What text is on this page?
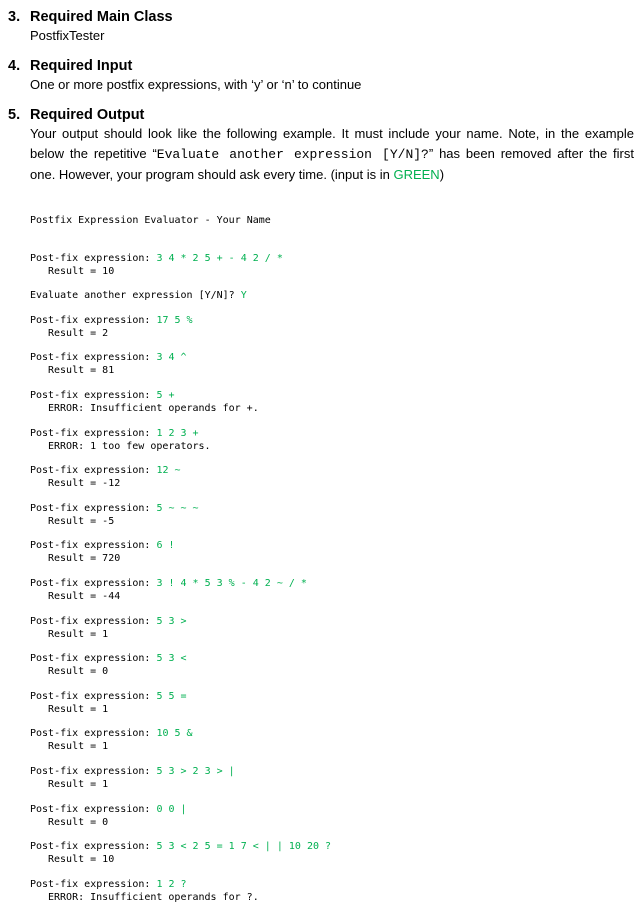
3. Required Main Class
PostfixTester
4. Required Input
One or more postfix expressions, with ‘y’ or ‘n’ to continue
5. Required Output
Your output should look like the following example. It must include your name. Note, in the example below the repetitive “Evaluate another expression [Y/N]?” has been removed after the first one. However, your program should ask every time. (input is in GREEN)

Postfix Expression Evaluator - Your Name

Post-fix expression: 3 4 * 2 5 + - 4 2 / *
Result = 10
Evaluate another expression [Y/N]? Y
Post-fix expression: 17 5 %
Result = 2
Post-fix expression: 3 4 ^
Result = 81
Post-fix expression: 5 +
ERROR: Insufficient operands for +.
Post-fix expression: 1 2 3 +
ERROR: 1 too few operators.
Post-fix expression: 12 ~
Result = -12
Post-fix expression: 5 ~ ~ ~
Result = -5
Post-fix expression: 6 !
Result = 720
Post-fix expression: 3 ! 4 * 5 3 % - 4 2 ~ / *
Result = -44
Post-fix expression: 5 3 >
Result = 1
Post-fix expression: 5 3 <
Result = 0
Post-fix expression: 5 5 =
Result = 1
Post-fix expression: 10 5 &
Result = 1
Post-fix expression: 5 3 > 2 3 > |
Result = 1
Post-fix expression: 0 0 |
Result = 0
Post-fix expression: 5 3 < 2 5 = 1 7 < | | 10 20 ?
Result = 10
Post-fix expression: 1 2 ?
ERROR: Insufficient operands for ?.
